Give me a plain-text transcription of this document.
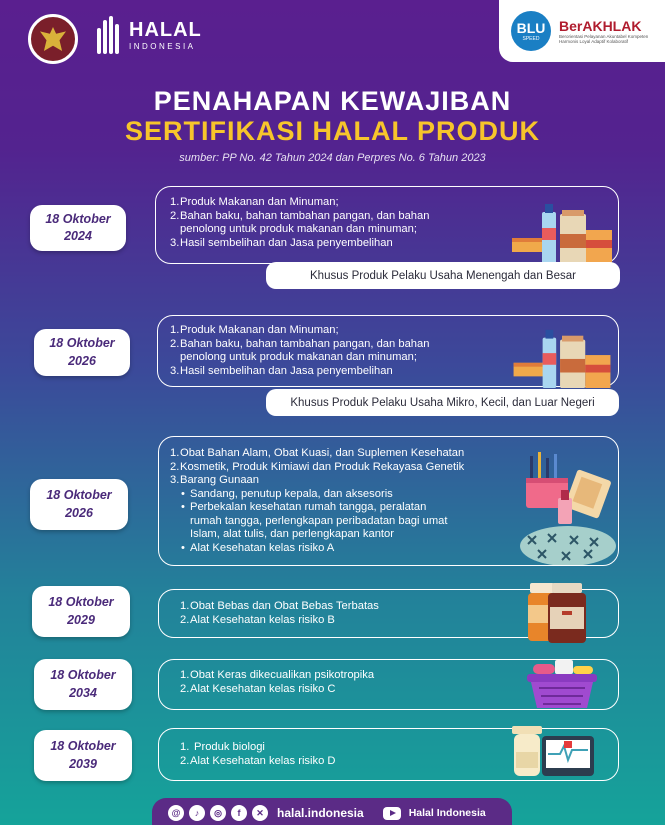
HALAL
INDONESIA
BLU
SPEED
BerAKHLAK
Berorientasi Pelayanan Akuntabel Kompeten Harmonis Loyal Adaptif Kolaboratif
PENAHAPAN KEWAJIBAN
SERTIFIKASI HALAL PRODUK
sumber: PP No. 42 Tahun 2024 dan Perpres No. 6 Tahun 2023
18 Oktober
2024
1. Produk Makanan dan Minuman;
2. Bahan baku, bahan tambahan pangan, dan bahan
penolong untuk produk makanan dan minuman;
3. Hasil sembelihan dan Jasa penyembelihan
Khusus Produk Pelaku Usaha Menengah dan Besar
18 Oktober
2026
1. Produk Makanan dan Minuman;
2. Bahan baku, bahan tambahan pangan, dan bahan
penolong untuk produk makanan dan minuman;
3. Hasil sembelihan dan Jasa penyembelihan
Khusus Produk Pelaku Usaha Mikro, Kecil, dan Luar Negeri
18 Oktober
2026
1. Obat Bahan Alam, Obat Kuasi, dan Suplemen Kesehatan
2. Kosmetik, Produk Kimiawi dan Produk Rekayasa Genetik
3. Barang Gunaan
• Sandang, penutup kepala, dan aksesoris
• Perbekalan kesehatan rumah tangga, peralatan
rumah tangga, perlengkapan peribadatan bagi umat
Islam, alat tulis, dan perlengkapan kantor
• Alat Kesehatan kelas risiko A
18 Oktober
2029
1. Obat Bebas dan Obat Bebas Terbatas
2. Alat Kesehatan kelas risiko B
18 Oktober
2034
1. Obat Keras dikecualikan psikotropika
2. Alat Kesehatan kelas risiko C
18 Oktober
2039
1. Produk biologi
2. Alat Kesehatan kelas risiko D
@	♪	◎	f	✕	halal.indonesia	Halal Indonesia
